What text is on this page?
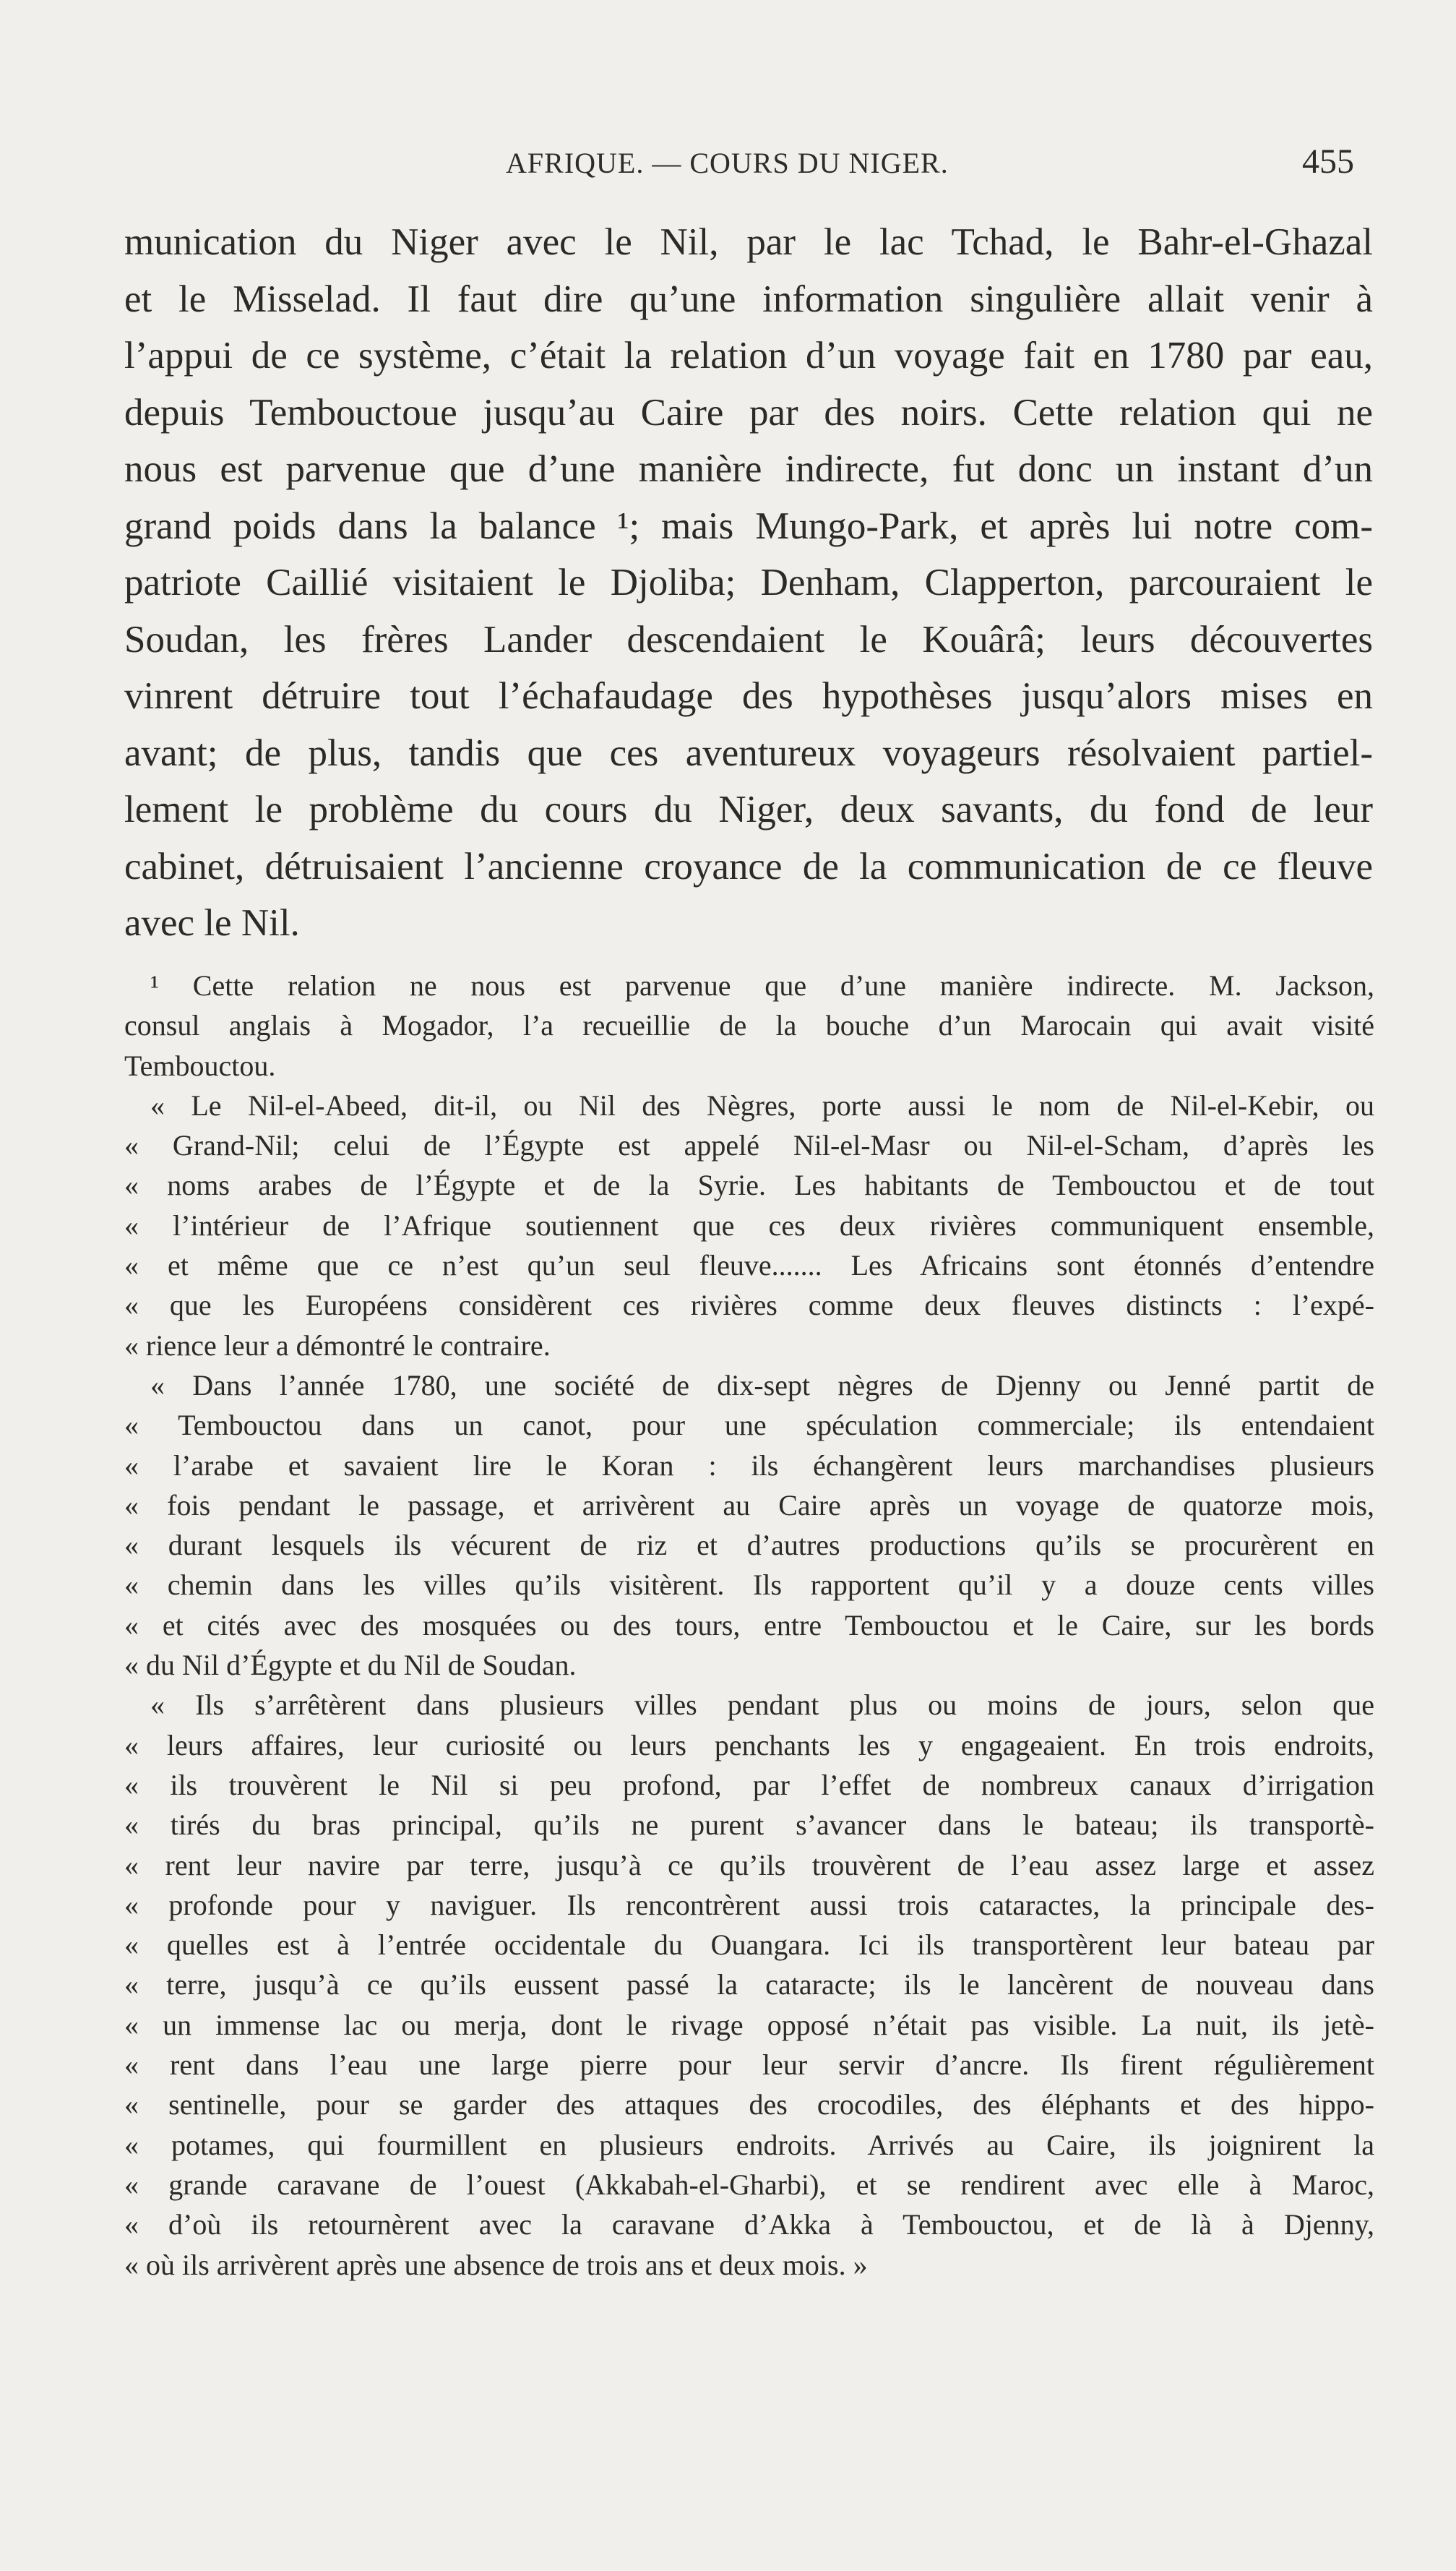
AFRIQUE. — COURS DU NIGER.	455
munication du Niger avec le Nil, par le lac Tchad, le Bahr-el-Ghazal
et le Misselad. Il faut dire qu’une information singulière allait venir à
l’appui de ce système, c’était la relation d’un voyage fait en 1780 par eau,
depuis Tembouctoue jusqu’au Caire par des noirs. Cette relation qui ne
nous est parvenue que d’une manière indirecte, fut donc un instant d’un
grand poids dans la balance ¹; mais Mungo-Park, et après lui notre com-
patriote Caillié visitaient le Djoliba; Denham, Clapperton, parcouraient le
Soudan, les frères Lander descendaient le Kouârâ; leurs découvertes
vinrent détruire tout l’échafaudage des hypothèses jusqu’alors mises en
avant; de plus, tandis que ces aventureux voyageurs résolvaient partiel-
lement le problème du cours du Niger, deux savants, du fond de leur
cabinet, détruisaient l’ancienne croyance de la communication de ce fleuve
avec le Nil.
¹ Cette relation ne nous est parvenue que d’une manière indirecte. M. Jackson,
consul anglais à Mogador, l’a recueillie de la bouche d’un Marocain qui avait visité
Tembouctou.
« Le Nil-el-Abeed, dit-il, ou Nil des Nègres, porte aussi le nom de Nil-el-Kebir, ou
« Grand-Nil; celui de l’Égypte est appelé Nil-el-Masr ou Nil-el-Scham, d’après les
« noms arabes de l’Égypte et de la Syrie. Les habitants de Tembouctou et de tout
« l’intérieur de l’Afrique soutiennent que ces deux rivières communiquent ensemble,
« et même que ce n’est qu’un seul fleuve....... Les Africains sont étonnés d’entendre
« que les Européens considèrent ces rivières comme deux fleuves distincts : l’expé-
« rience leur a démontré le contraire.
« Dans l’année 1780, une société de dix-sept nègres de Djenny ou Jenné partit de
« Tembouctou dans un canot, pour une spéculation commerciale; ils entendaient
« l’arabe et savaient lire le Koran : ils échangèrent leurs marchandises plusieurs
« fois pendant le passage, et arrivèrent au Caire après un voyage de quatorze mois,
« durant lesquels ils vécurent de riz et d’autres productions qu’ils se procurèrent en
« chemin dans les villes qu’ils visitèrent. Ils rapportent qu’il y a douze cents villes
« et cités avec des mosquées ou des tours, entre Tembouctou et le Caire, sur les bords
« du Nil d’Égypte et du Nil de Soudan.
« Ils s’arrêtèrent dans plusieurs villes pendant plus ou moins de jours, selon que
« leurs affaires, leur curiosité ou leurs penchants les y engageaient. En trois endroits,
« ils trouvèrent le Nil si peu profond, par l’effet de nombreux canaux d’irrigation
« tirés du bras principal, qu’ils ne purent s’avancer dans le bateau; ils transportè-
« rent leur navire par terre, jusqu’à ce qu’ils trouvèrent de l’eau assez large et assez
« profonde pour y naviguer. Ils rencontrèrent aussi trois cataractes, la principale des-
« quelles est à l’entrée occidentale du Ouangara. Ici ils transportèrent leur bateau par
« terre, jusqu’à ce qu’ils eussent passé la cataracte; ils le lancèrent de nouveau dans
« un immense lac ou merja, dont le rivage opposé n’était pas visible. La nuit, ils jetè-
« rent dans l’eau une large pierre pour leur servir d’ancre. Ils firent régulièrement
« sentinelle, pour se garder des attaques des crocodiles, des éléphants et des hippo-
« potames, qui fourmillent en plusieurs endroits. Arrivés au Caire, ils joignirent la
« grande caravane de l’ouest (Akkabah-el-Gharbi), et se rendirent avec elle à Maroc,
« d’où ils retournèrent avec la caravane d’Akka à Tembouctou, et de là à Djenny,
« où ils arrivèrent après une absence de trois ans et deux mois. »
